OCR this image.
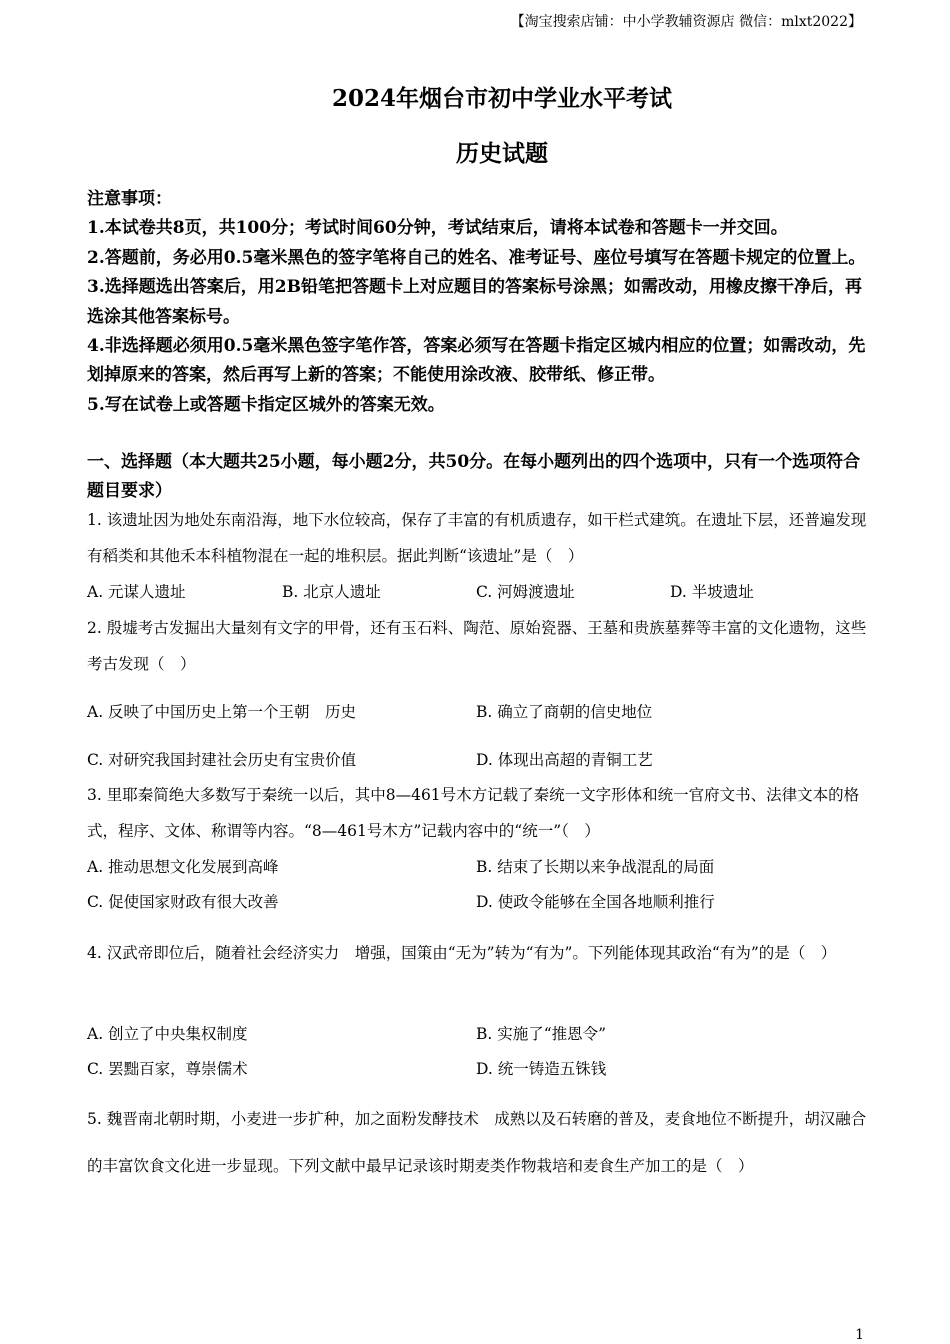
【淘宝搜索店铺：中小学教辅资源店 微信：mlxt2022】
2024年烟台市初中学业水平考试
历史试题
注意事项：
1.本试卷共8页，共100分；考试时间60分钟，考试结束后，请将本试卷和答题卡一并交回。
2.答题前，务必用0.5毫米黑色的签字笔将自己的姓名、准考证号、座位号填写在答题卡规定的位置上。
3.选择题选出答案后，用2B铅笔把答题卡上对应题目的答案标号涂黑；如需改动，用橡皮擦干净后，再选涂其他答案标号。
4.非选择题必须用0.5毫米黑色签字笔作答，答案必须写在答题卡指定区城内相应的位置；如需改动，先划掉原来的答案，然后再写上新的答案；不能使用涂改液、胶带纸、修正带。
5.写在试卷上或答题卡指定区城外的答案无效。
一、选择题（本大题共25小题，每小题2分，共50分。在每小题列出的四个选项中，只有一个选项符合题目要求）
1. 该遗址因为地处东南沿海，地下水位较高，保存了丰富的有机质遗存，如干栏式建筑。在遗址下层，还普遍发现有稻类和其他禾本科植物混在一起的堆积层。据此判断“该遗址”是（　）
A. 元谋人遗址	B. 北京人遗址	C. 河姆渡遗址	D. 半坡遗址
2. 殷墟考古发掘出大量刻有文字的甲骨，还有玉石料、陶范、原始瓷器、王墓和贵族墓葬等丰富的文化遗物，这些考古发现（　）
A. 反映了中国历史上第一个王朝　历史	B. 确立了商朝的信史地位
C. 对研究我国封建社会历史有宝贵价值	D. 体现出高超的青铜工艺
3. 里耶秦简绝大多数写于秦统一以后，其中8—461号木方记载了秦统一文字形体和统一官府文书、法律文本的格式，程序、文体、称谓等内容。“8—461号木方”记载内容中的“统一”（　）
A. 推动思想文化发展到高峰	B. 结束了长期以来争战混乱的局面
C. 促使国家财政有很大改善	D. 使政令能够在全国各地顺利推行
4. 汉武帝即位后，随着社会经济实力　增强，国策由“无为”转为“有为”。下列能体现其政治“有为”的是（　）
A. 创立了中央集权制度	B. 实施了“推恩令”
C. 罢黜百家，尊崇儒术	D. 统一铸造五铢钱
5. 魏晋南北朝时期，小麦进一步扩种，加之面粉发酵技术　成熟以及石转磨的普及，麦食地位不断提升，胡汉融合的丰富饮食文化进一步显现。下列文献中最早记录该时期麦类作物栽培和麦食生产加工的是（　）
1
